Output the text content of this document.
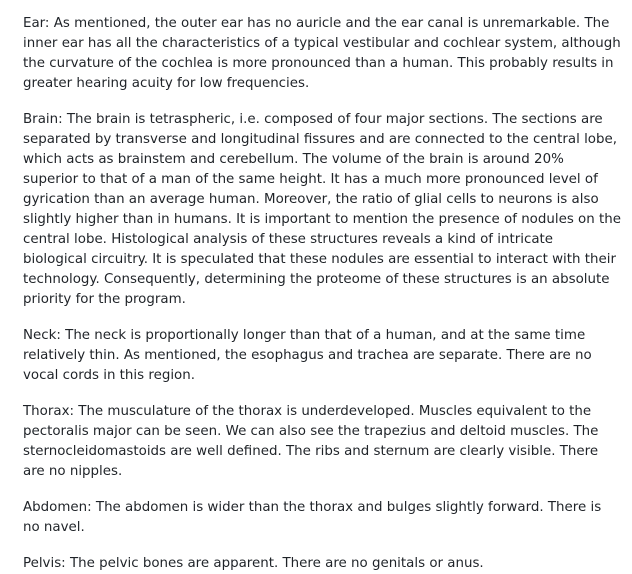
Ear: As mentioned, the outer ear has no auricle and the ear canal is unremarkable. The inner ear has all the characteristics of a typical vestibular and cochlear system, although the curvature of the cochlea is more pronounced than a human. This probably results in greater hearing acuity for low frequencies.

Brain: The brain is tetraspheric, i.e. composed of four major sections. The sections are separated by transverse and longitudinal fissures and are connected to the central lobe, which acts as brainstem and cerebellum. The volume of the brain is around 20% superior to that of a man of the same height. It has a much more pronounced level of gyrication than an average human. Moreover, the ratio of glial cells to neurons is also slightly higher than in humans. It is important to mention the presence of nodules on the central lobe. Histological analysis of these structures reveals a kind of intricate biological circuitry. It is speculated that these nodules are essential to interact with their technology. Consequently, determining the proteome of these structures is an absolute priority for the program.

Neck: The neck is proportionally longer than that of a human, and at the same time relatively thin. As mentioned, the esophagus and trachea are separate. There are no vocal cords in this region.

Thorax: The musculature of the thorax is underdeveloped. Muscles equivalent to the pectoralis major can be seen. We can also see the trapezius and deltoid muscles. The sternocleidomastoids are well defined. The ribs and sternum are clearly visible. There are no nipples.

Abdomen: The abdomen is wider than the thorax and bulges slightly forward. There is no navel.

Pelvis: The pelvic bones are apparent. There are no genitals or anus.
